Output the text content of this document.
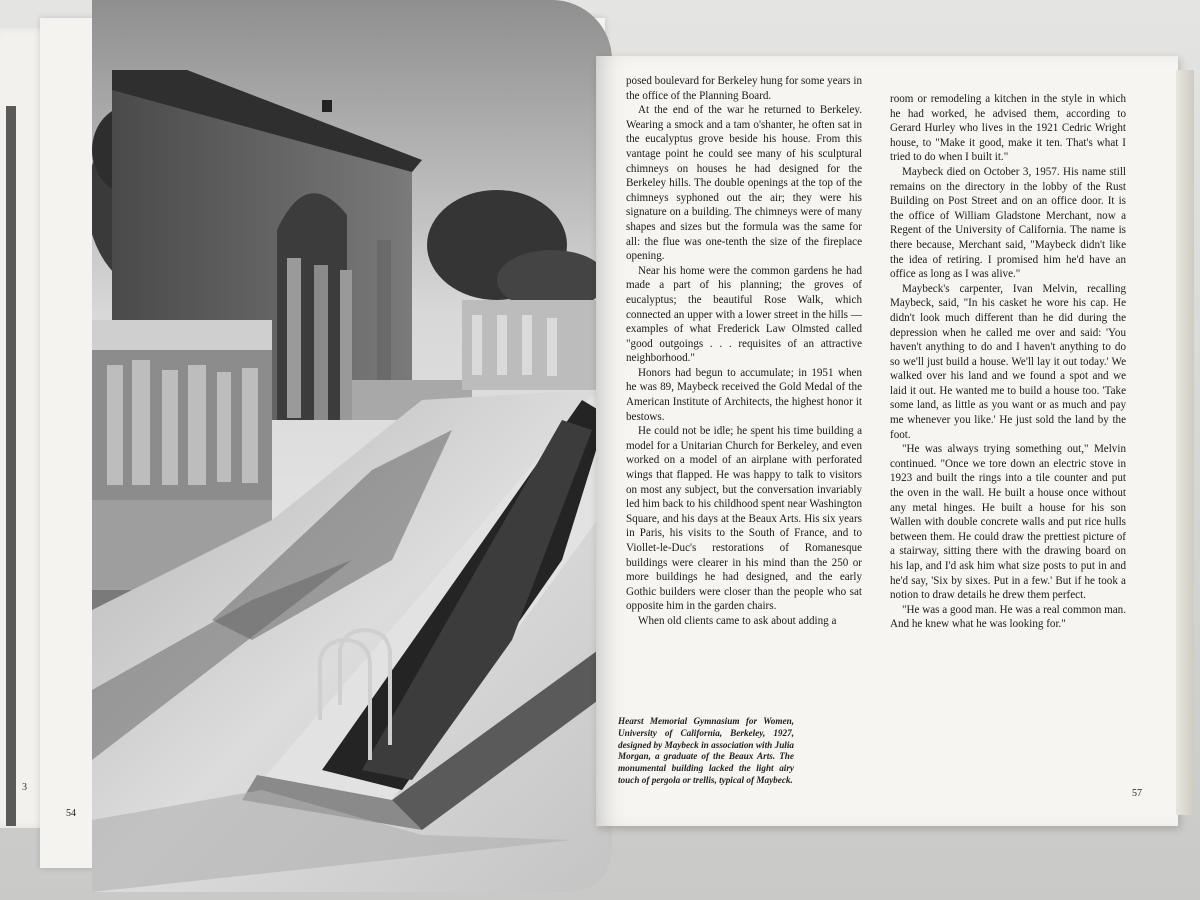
3
54

posed boulevard for Berkeley hung for some years in the office of the Planning Board.

At the end of the war he returned to Berkeley. Wearing a smock and a tam o'shanter, he often sat in the eucalyptus grove beside his house. From this vantage point he could see many of his sculptural chimneys on houses he had designed for the Berkeley hills. The double openings at the top of the chimneys syphoned out the air; they were his signature on a building. The chimneys were of many shapes and sizes but the formula was the same for all: the flue was one-tenth the size of the fireplace opening.

Near his home were the common gardens he had made a part of his planning; the groves of eucalyptus; the beautiful Rose Walk, which connected an upper with a lower street in the hills —examples of what Frederick Law Olmsted called "good outgoings . . . requisites of an attractive neighborhood."

Honors had begun to accumulate; in 1951 when he was 89, Maybeck received the Gold Medal of the American Institute of Architects, the highest honor it bestows.

He could not be idle; he spent his time building a model for a Unitarian Church for Berkeley, and even worked on a model of an airplane with perforated wings that flapped. He was happy to talk to visitors on most any subject, but the conversation invariably led him back to his childhood spent near Washington Square, and his days at the Beaux Arts. His six years in Paris, his visits to the South of France, and to Viollet-le-Duc's restorations of Romanesque buildings were clearer in his mind than the 250 or more buildings he had designed, and the early Gothic builders were closer than the people who sat opposite him in the garden chairs.

When old clients came to ask about adding a

room or remodeling a kitchen in the style in which he had worked, he advised them, according to Gerard Hurley who lives in the 1921 Cedric Wright house, to "Make it good, make it ten. That's what I tried to do when I built it."

Maybeck died on October 3, 1957. His name still remains on the directory in the lobby of the Rust Building on Post Street and on an office door. It is the office of William Gladstone Merchant, now a Regent of the University of California. The name is there because, Merchant said, "Maybeck didn't like the idea of retiring. I promised him he'd have an office as long as I was alive."

Maybeck's carpenter, Ivan Melvin, recalling Maybeck, said, "In his casket he wore his cap. He didn't look much different than he did during the depression when he called me over and said: 'You haven't anything to do and I haven't anything to do so we'll just build a house. We'll lay it out today.' We walked over his land and we found a spot and we laid it out. He wanted me to build a house too. 'Take some land, as little as you want or as much and pay me whenever you like.' He just sold the land by the foot.

"He was always trying something out," Melvin continued. "Once we tore down an electric stove in 1923 and built the rings into a tile counter and put the oven in the wall. He built a house once without any metal hinges. He built a house for his son Wallen with double concrete walls and put rice hulls between them. He could draw the prettiest picture of a stairway, sitting there with the drawing board on his lap, and I'd ask him what size posts to put in and he'd say, 'Six by sixes. Put in a few.' But if he took a notion to draw details he drew them perfect.

"He was a good man. He was a real common man. And he knew what he was looking for."

Hearst Memorial Gymnasium for Women, University of California, Berkeley, 1927, designed by Maybeck in association with Julia Morgan, a graduate of the Beaux Arts. The monumental building lacked the light airy touch of pergola or trellis, typical of Maybeck.
57
